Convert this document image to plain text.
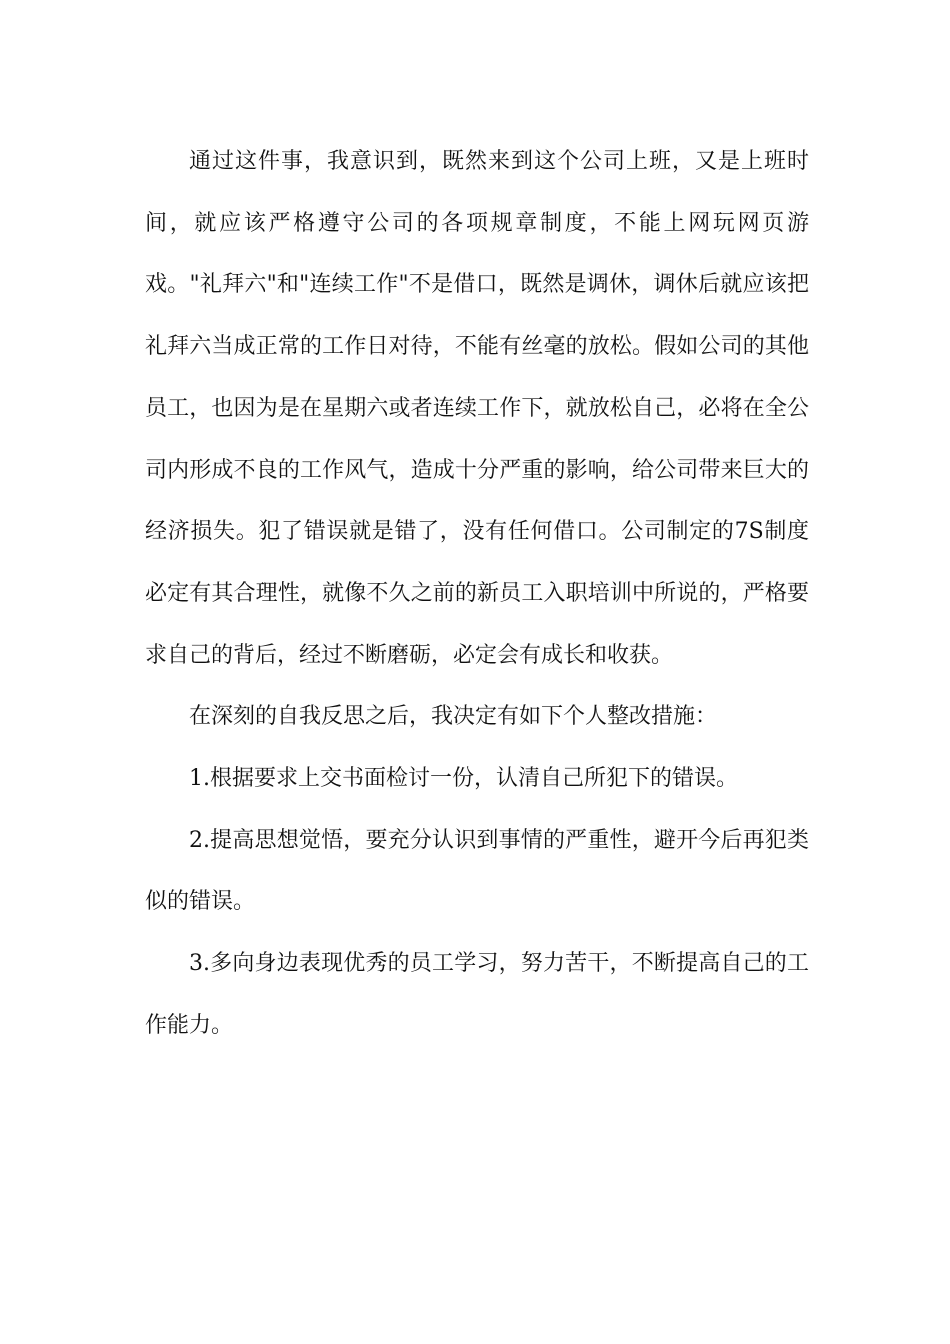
通过这件事，我意识到，既然来到这个公司上班，又是上班时间，就应该严格遵守公司的各项规章制度，不能上网玩网页游戏。"礼拜六"和"连续工作"不是借口，既然是调休，调休后就应该把礼拜六当成正常的工作日对待，不能有丝毫的放松。假如公司的其他员工，也因为是在星期六或者连续工作下，就放松自己，必将在全公司内形成不良的工作风气，造成十分严重的影响，给公司带来巨大的经济损失。犯了错误就是错了，没有任何借口。公司制定的7S制度必定有其合理性，就像不久之前的新员工入职培训中所说的，严格要求自己的背后，经过不断磨砺，必定会有成长和收获。

在深刻的自我反思之后，我决定有如下个人整改措施：

1.根据要求上交书面检讨一份，认清自己所犯下的错误。

2.提高思想觉悟，要充分认识到事情的严重性，避开今后再犯类似的错误。

3.多向身边表现优秀的员工学习，努力苦干，不断提高自己的工作能力。
